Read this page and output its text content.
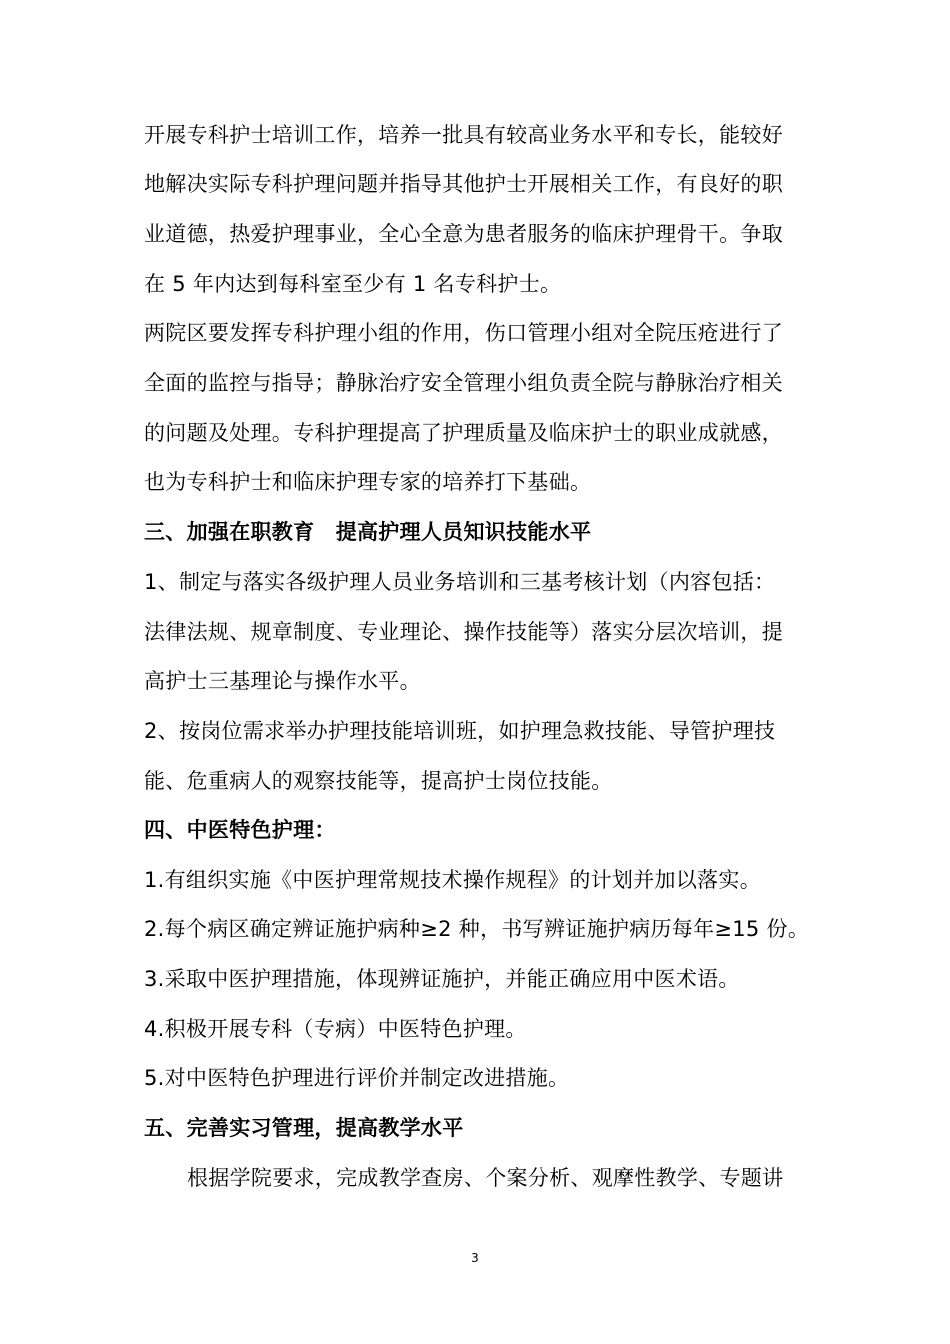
开展专科护士培训工作，培养一批具有较高业务水平和专长，能较好
地解决实际专科护理问题并指导其他护士开展相关工作，有良好的职
业道德，热爱护理事业，全心全意为患者服务的临床护理骨干。争取
在 5 年内达到每科室至少有 1 名专科护士。
两院区要发挥专科护理小组的作用，伤口管理小组对全院压疮进行了
全面的监控与指导；静脉治疗安全管理小组负责全院与静脉治疗相关
的问题及处理。专科护理提高了护理质量及临床护士的职业成就感，
也为专科护士和临床护理专家的培养打下基础。
三、加强在职教育　提高护理人员知识技能水平
1、制定与落实各级护理人员业务培训和三基考核计划（内容包括：
法律法规、规章制度、专业理论、操作技能等）落实分层次培训，提
高护士三基理论与操作水平。
2、按岗位需求举办护理技能培训班，如护理急救技能、导管护理技
能、危重病人的观察技能等，提高护士岗位技能。
四、中医特色护理：
1.有组织实施《中医护理常规技术操作规程》的计划并加以落实。
2.每个病区确定辨证施护病种≥2 种，书写辨证施护病历每年≥15 份。
3.采取中医护理措施，体现辨证施护，并能正确应用中医术语。
4.积极开展专科（专病）中医特色护理。
5.对中医特色护理进行评价并制定改进措施。
五、完善实习管理，提高教学水平
根据学院要求，完成教学查房、个案分析、观摩性教学、专题讲
3
